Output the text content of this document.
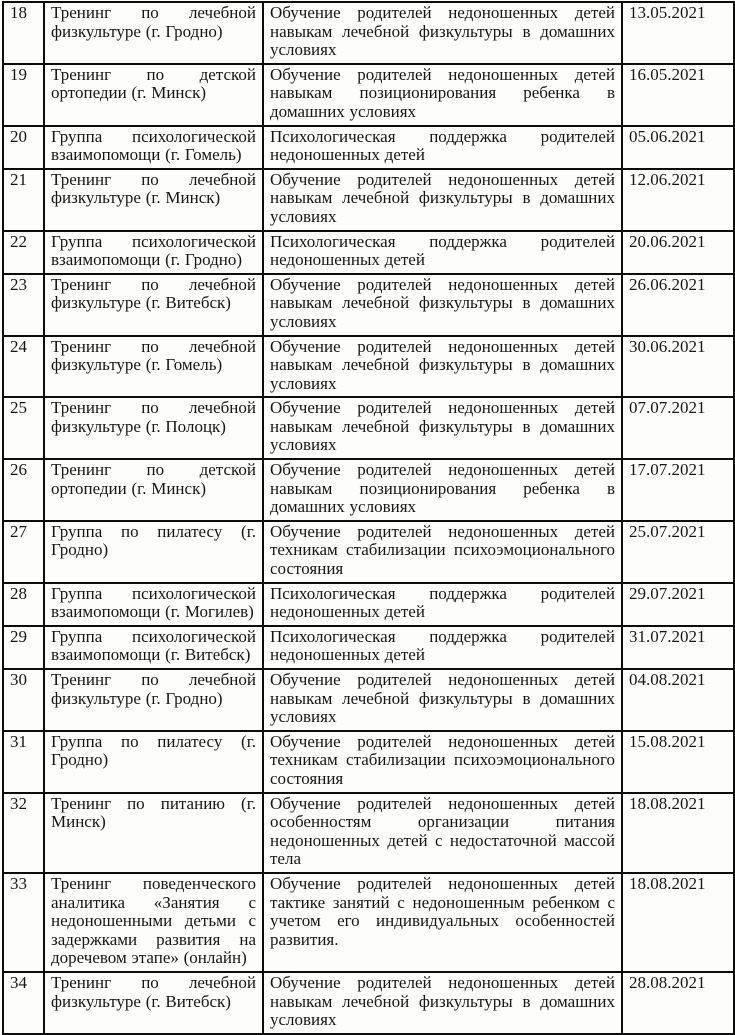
18	Тренинг по лечебной физкультуре (г. Гродно)	Обучение родителей недоношенных детей навыкам лечебной физкультуры в домашних условиях	13.05.2021
19	Тренинг по детской ортопедии (г. Минск)	Обучение родителей недоношенных детей навыкам позиционирования ребенка в домашних условиях	16.05.2021
20	Группа психологической взаимопомощи (г. Гомель)	Психологическая поддержка родителей недоношенных детей	05.06.2021
21	Тренинг по лечебной физкультуре (г. Минск)	Обучение родителей недоношенных детей навыкам лечебной физкультуры в домашних условиях	12.06.2021
22	Группа психологической взаимопомощи (г. Гродно)	Психологическая поддержка родителей недоношенных детей	20.06.2021
23	Тренинг по лечебной физкультуре (г. Витебск)	Обучение родителей недоношенных детей навыкам лечебной физкультуры в домашних условиях	26.06.2021
24	Тренинг по лечебной физкультуре (г. Гомель)	Обучение родителей недоношенных детей навыкам лечебной физкультуры в домашних условиях	30.06.2021
25	Тренинг по лечебной физкультуре (г. Полоцк)	Обучение родителей недоношенных детей навыкам лечебной физкультуры в домашних условиях	07.07.2021
26	Тренинг по детской ортопедии (г. Минск)	Обучение родителей недоношенных детей навыкам позиционирования ребенка в домашних условиях	17.07.2021
27	Группа по пилатесу (г. Гродно)	Обучение родителей недоношенных детей техникам стабилизации психоэмоционального состояния	25.07.2021
28	Группа психологической взаимопомощи (г. Могилев)	Психологическая поддержка родителей недоношенных детей	29.07.2021
29	Группа психологической взаимопомощи (г. Витебск)	Психологическая поддержка родителей недоношенных детей	31.07.2021
30	Тренинг по лечебной физкультуре (г. Гродно)	Обучение родителей недоношенных детей навыкам лечебной физкультуры в домашних условиях	04.08.2021
31	Группа по пилатесу (г. Гродно)	Обучение родителей недоношенных детей техникам стабилизации психоэмоционального состояния	15.08.2021
32	Тренинг по питанию (г. Минск)	Обучение родителей недоношенных детей особенностям организации питания недоношенных детей с недостаточной массой тела	18.08.2021
33	Тренинг поведенческого аналитика «Занятия с недоношенными детьми с задержками развития на доречевом этапе» (онлайн)	Обучение родителей недоношенных детей тактике занятий с недоношенным ребенком с учетом его индивидуальных особенностей развития.	18.08.2021
34	Тренинг по лечебной физкультуре (г. Витебск)	Обучение родителей недоношенных детей навыкам лечебной физкультуры в домашних условиях	28.08.2021
